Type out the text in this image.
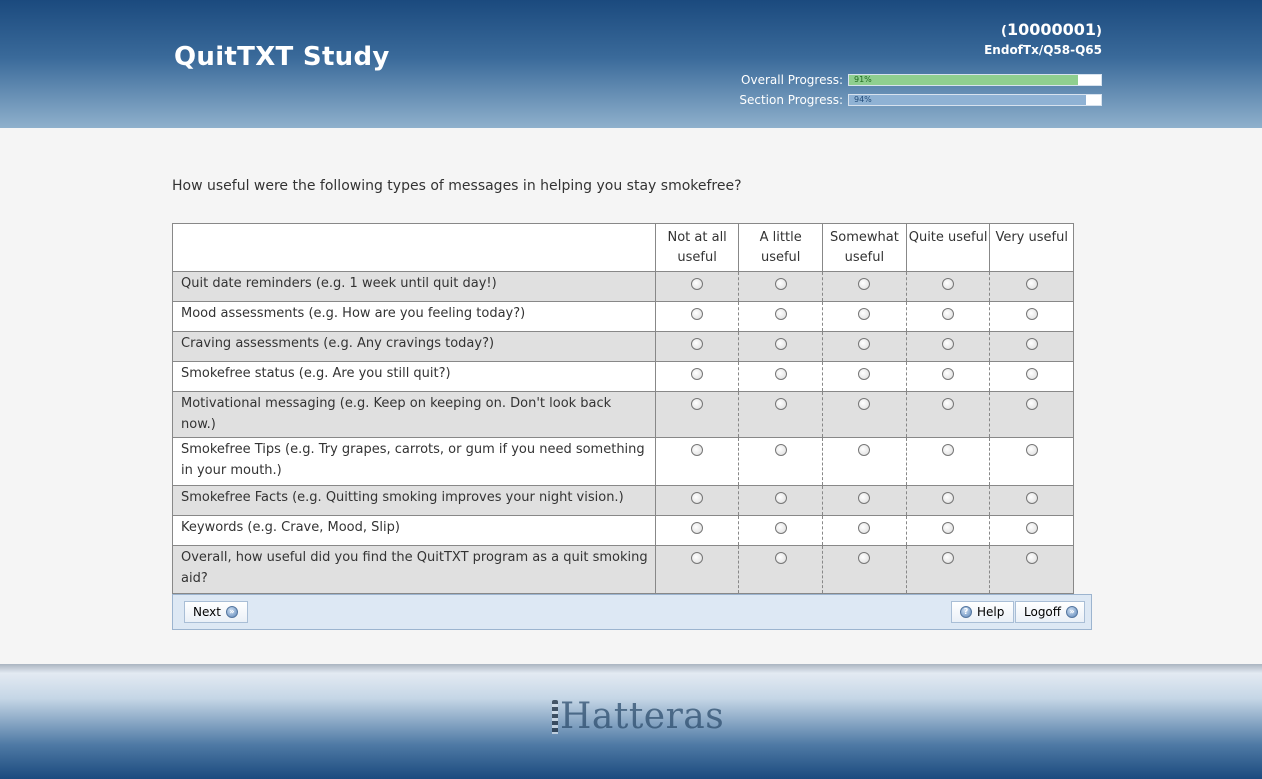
QuitTXT Study
(10000001)
EndofTx/Q58-Q65
Overall Progress: 91%
Section Progress: 94%
How useful were the following types of messages in helping you stay smokefree?
	Not at all useful	A little useful	Somewhat useful	Quite useful	Very useful
Quit date reminders (e.g. 1 week until quit day!)					
Mood assessments (e.g. How are you feeling today?)					
Craving assessments (e.g. Any cravings today?)					
Smokefree status (e.g. Are you still quit?)					
Motivational messaging (e.g. Keep on keeping on. Don't look back now.)					
Smokefree Tips (e.g. Try grapes, carrots, or gum if you need something in your mouth.)					
Smokefree Facts (e.g. Quitting smoking improves your night vision.)					
Keywords (e.g. Crave, Mood, Slip)					
Overall, how useful did you find the QuitTXT program as a quit smoking aid?					
Next	»	? Help Logoff	»
Hatteras
